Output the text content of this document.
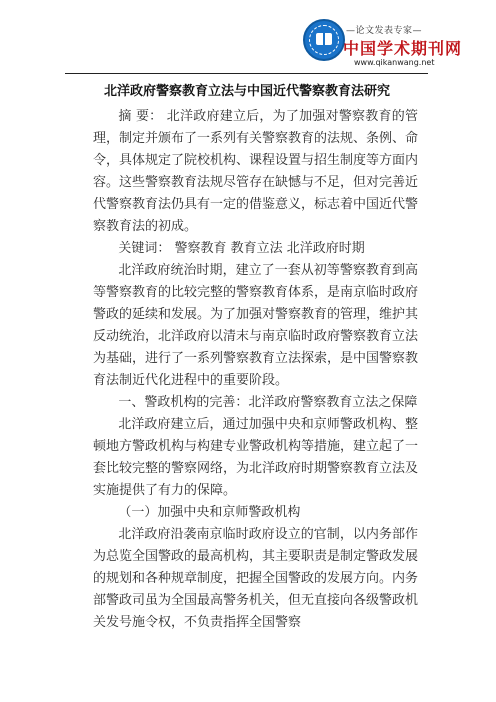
—论文发表专家—
中国学术期刊网
www.qikanwang.net
北洋政府警察教育立法与中国近代警察教育法研究

摘 要： 北洋政府建立后，为了加强对警察教育的管理，制定并颁布了一系列有关警察教育的法规、条例、命令，具体规定了院校机构、课程设置与招生制度等方面内容。这些警察教育法规尽管存在缺憾与不足，但对完善近代警察教育法仍具有一定的借鉴意义，标志着中国近代警察教育法的初成。

关键词： 警察教育 教育立法 北洋政府时期

北洋政府统治时期，建立了一套从初等警察教育到高等警察教育的比较完整的警察教育体系，是南京临时政府警政的延续和发展。为了加强对警察教育的管理，维护其反动统治，北洋政府以清末与南京临时政府警察教育立法为基础，进行了一系列警察教育立法探索，是中国警察教育法制近代化进程中的重要阶段。

一、警政机构的完善：北洋政府警察教育立法之保障

北洋政府建立后，通过加强中央和京师警政机构、整顿地方警政机构与构建专业警政机构等措施，建立起了一套比较完整的警察网络，为北洋政府时期警察教育立法及实施提供了有力的保障。

（一）加强中央和京师警政机构

北洋政府沿袭南京临时政府设立的官制，以内务部作为总览全国警政的最高机构，其主要职责是制定警政发展的规划和各种规章制度，把握全国警政的发展方向。内务部警政司虽为全国最高警务机关，但无直接向各级警政机关发号施令权，不负责指挥全国警察
